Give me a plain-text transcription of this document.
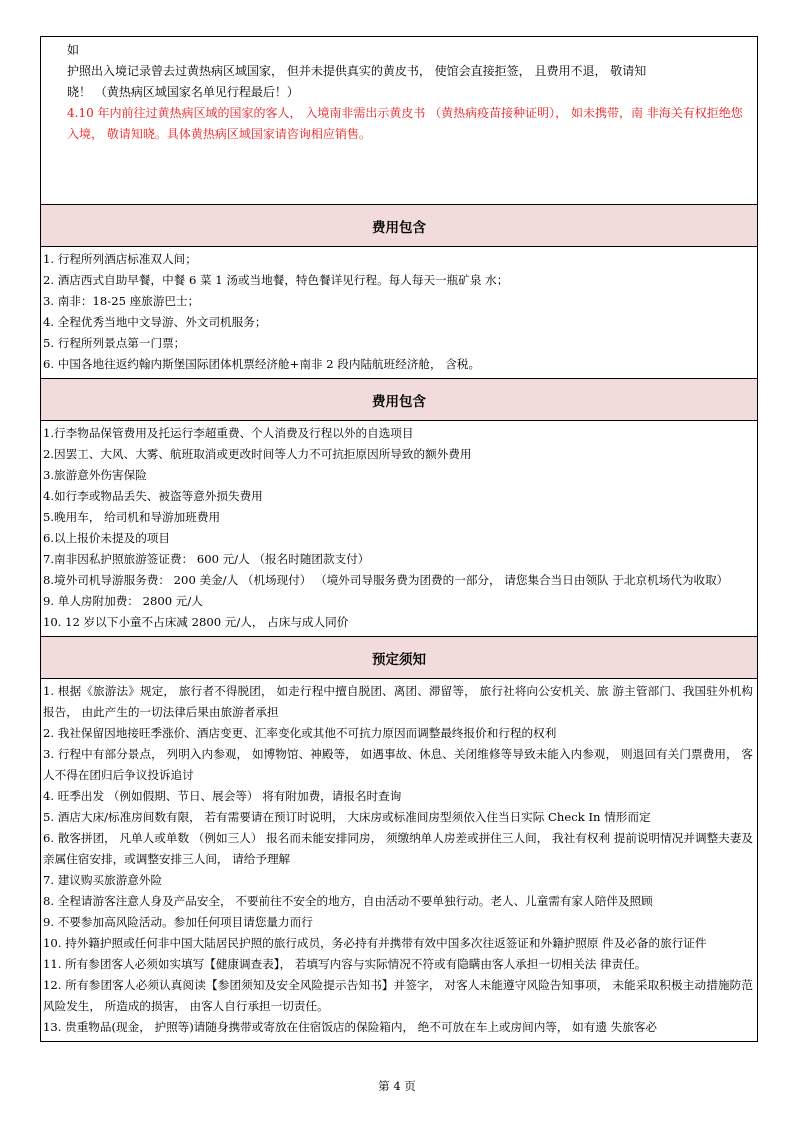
如

护照出入境记录曾去过黄热病区域国家， 但并未提供真实的黄皮书， 使馆会直接拒签， 且费用不退， 敬请知

晓！ （黄热病区域国家名单见行程最后！）

4.10 年内前往过黄热病区域的国家的客人， 入境南非需出示黄皮书 （黄热病疫苗接种证明）， 如未携带，南 非海关有权拒绝您入境， 敬请知晓。具体黄热病区域国家请咨询相应销售。

费用包含

1. 行程所列酒店标准双人间；

2. 酒店西式自助早餐，中餐 6 菜 1 汤或当地餐，特色餐详见行程。每人每天一瓶矿泉 水；

3. 南非：18-25 座旅游巴士；

4. 全程优秀当地中文导游、外文司机服务；

5. 行程所列景点第一门票；

6. 中国各地往返约翰内斯堡国际团体机票经济舱+南非 2 段内陆航班经济舱， 含税。

费用包含

1.行李物品保管费用及托运行李超重费、个人消费及行程以外的自选项目

2.因罢工、大风、大雾、航班取消或更改时间等人力不可抗拒原因所导致的额外费用

3.旅游意外伤害保险

4.如行李或物品丢失、被盗等意外损失费用

5.晚用车， 给司机和导游加班费用

6.以上报价未提及的项目

7.南非因私护照旅游签证费： 600 元/人 （报名时随团款支付）

8.境外司机导游服务费： 200 美金/人 （机场现付） （境外司导服务费为团费的一部分， 请您集合当日由领队 于北京机场代为收取）

9. 单人房附加费： 2800 元/人

10. 12 岁以下小童不占床减 2800 元/人， 占床与成人同价

预定须知

1. 根据《旅游法》规定， 旅行者不得脱团， 如走行程中擅自脱团、离团、滞留等， 旅行社将向公安机关、旅 游主管部门、我国驻外机构报告， 由此产生的一切法律后果由旅游者承担

2. 我社保留因地接旺季涨价、酒店变更、汇率变化或其他不可抗力原因而调整最终报价和行程的权利

3. 行程中有部分景点， 列明入内参观， 如博物馆、神殿等， 如遇事故、休息、关闭维修等导致未能入内参观， 则退回有关门票费用， 客人不得在团归后争议投诉追讨

4. 旺季出发 （例如假期、节日、展会等） 将有附加费，请报名时查询

5. 酒店大床/标准房间数有限， 若有需要请在预订时说明， 大床房或标准间房型须依入住当日实际 Check In 情形而定

6. 散客拼团， 凡单人或单数 （例如三人） 报名而未能安排同房， 须缴纳单人房差或拼住三人间， 我社有权利 提前说明情况并调整夫妻及亲属住宿安排，或调整安排三人间， 请给予理解

7. 建议购买旅游意外险

8. 全程请游客注意人身及产品安全， 不要前往不安全的地方，自由活动不要单独行动。老人、儿童需有家人陪伴及照顾

9. 不要参加高风险活动。参加任何项目请您量力而行

10. 持外籍护照或任何非中国大陆居民护照的旅行成员，务必持有并携带有效中国多次往返签证和外籍护照原 件及必备的旅行证件

11. 所有参团客人必须如实填写【健康调查表】， 若填写内容与实际情况不符或有隐瞒由客人承担一切相关法 律责任。

12. 所有参团客人必须认真阅读【参团须知及安全风险提示告知书】并签字， 对客人未能遵守风险告知事项， 未能采取积极主动措施防范风险发生， 所造成的损害， 由客人自行承担一切责任。

13. 贵重物品(现金， 护照等)请随身携带或寄放在住宿饭店的保险箱内， 绝不可放在车上或房间内等， 如有遗 失旅客必

第 4 页
